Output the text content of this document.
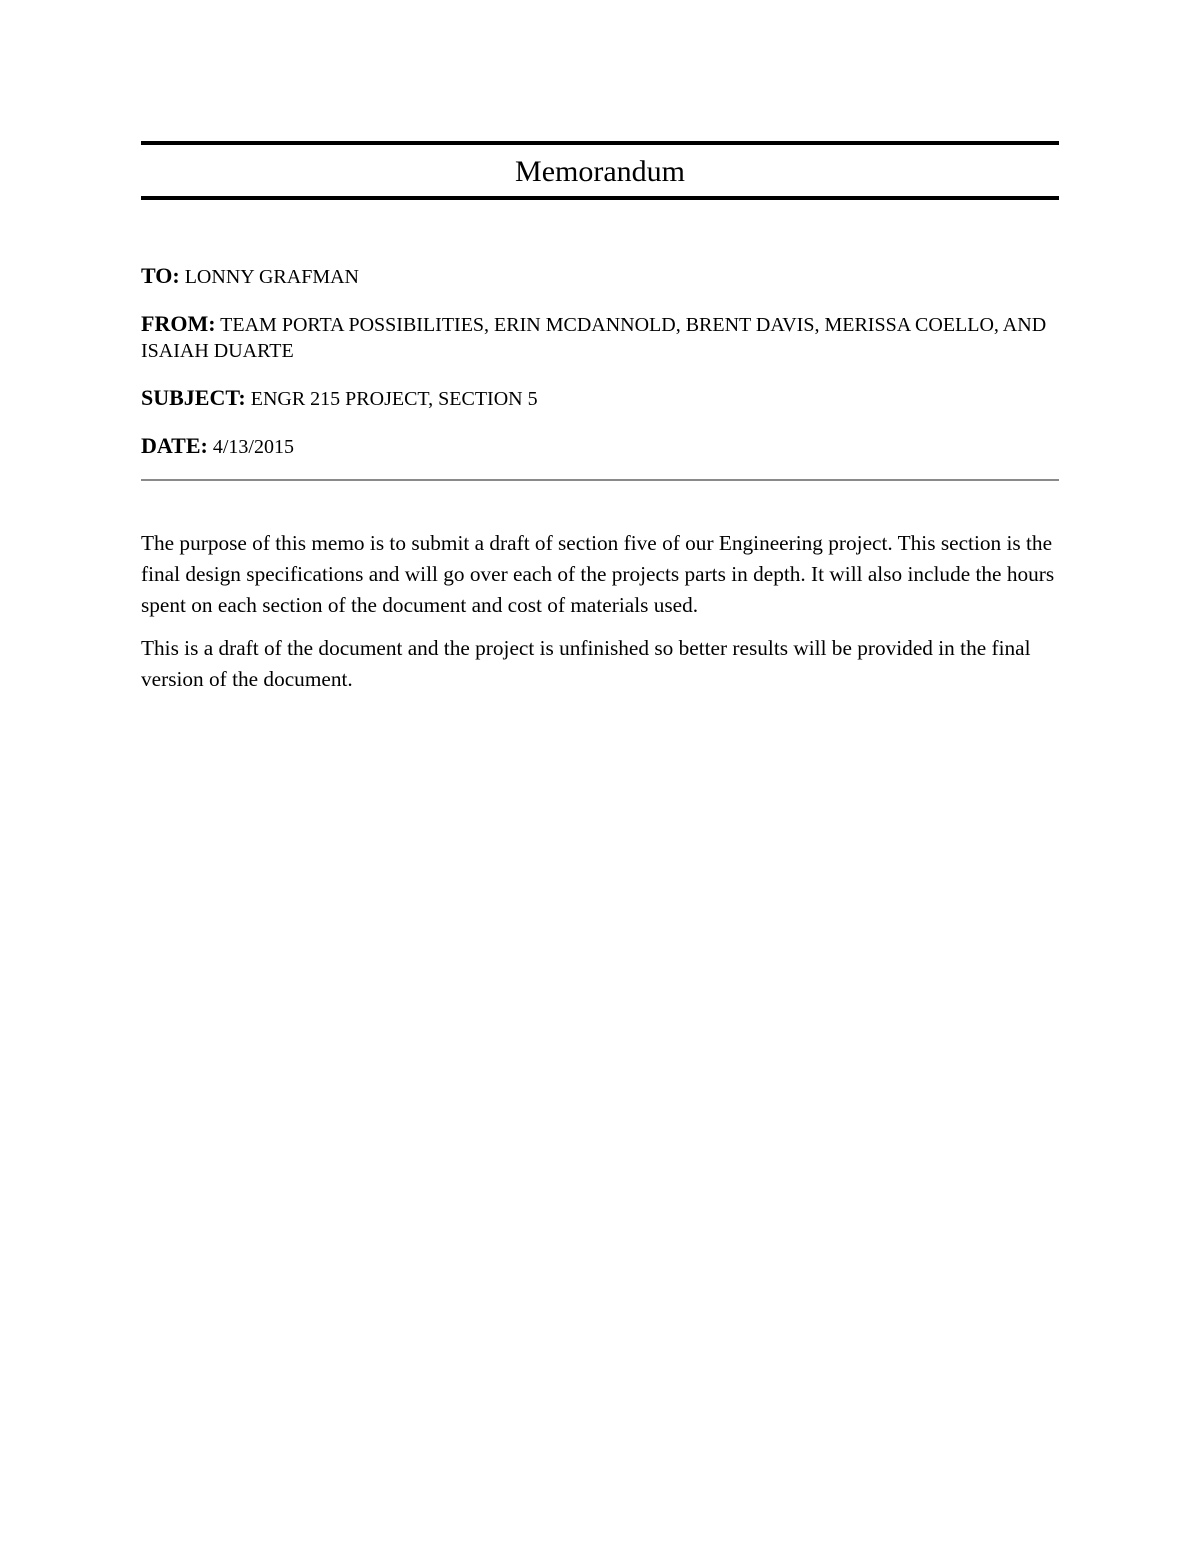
Memorandum

TO: LONNY GRAFMAN

FROM: TEAM PORTA POSSIBILITIES, ERIN MCDANNOLD, BRENT DAVIS, MERISSA COELLO, AND ISAIAH DUARTE

SUBJECT: ENGR 215 PROJECT, SECTION 5

DATE: 4/13/2015

The purpose of this memo is to submit a draft of section five of our Engineering project. This section is the final design specifications and will go over each of the projects parts in depth. It will also include the hours spent on each section of the document and cost of materials used.

This is a draft of the document and the project is unfinished so better results will be provided in the final version of the document.
